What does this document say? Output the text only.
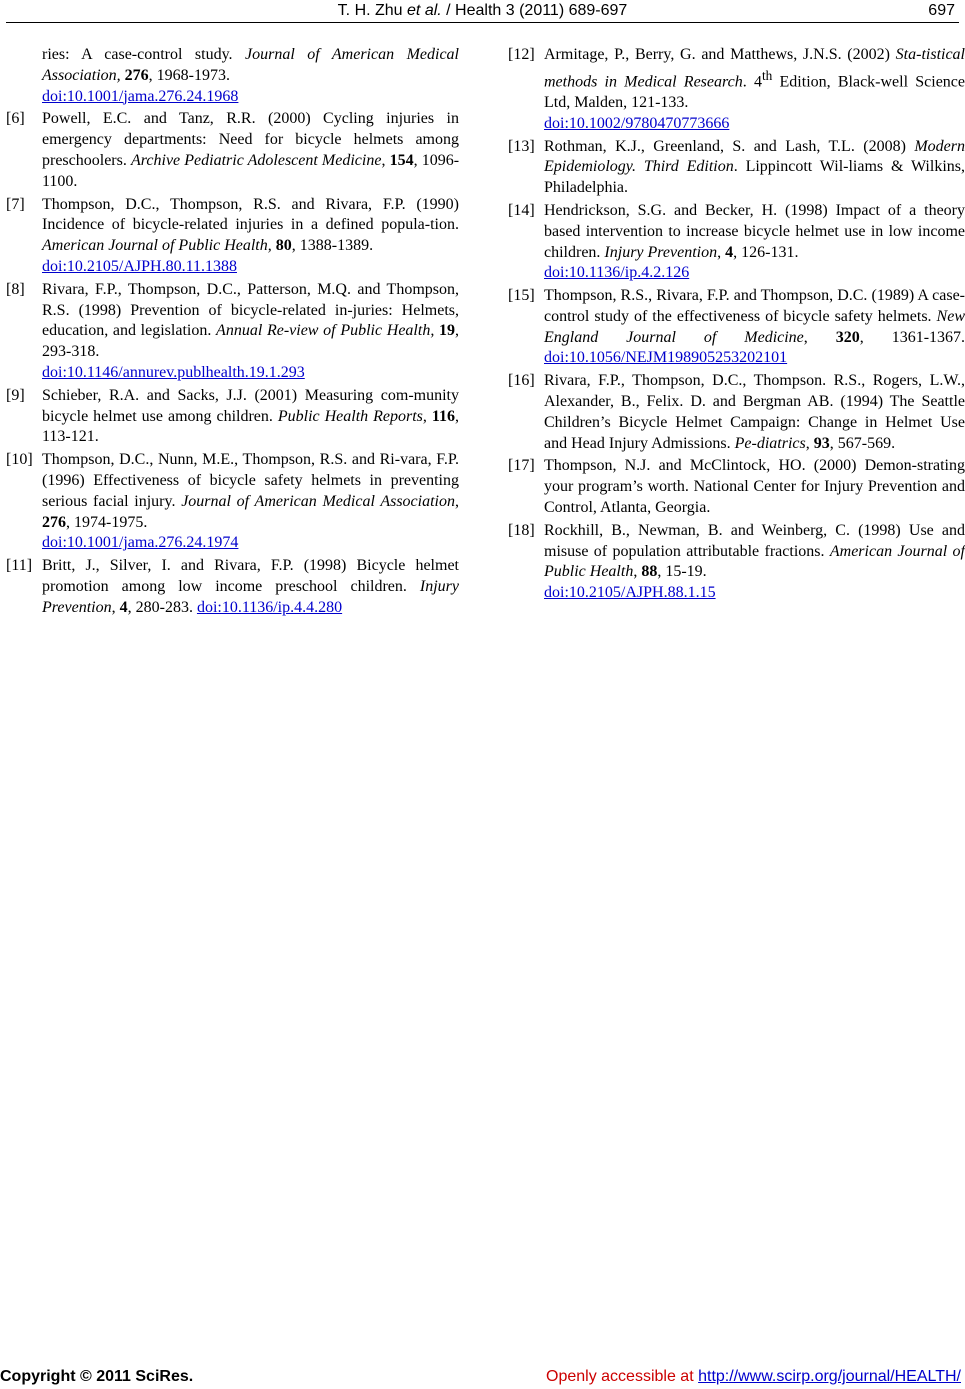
T. H. Zhu et al. / Health 3 (2011) 689-697	697
ries: A case-control study. Journal of American Medical Association, 276, 1968-1973.
doi:10.1001/jama.276.24.1968
[6] Powell, E.C. and Tanz, R.R. (2000) Cycling injuries in emergency departments: Need for bicycle helmets among preschoolers. Archive Pediatric Adolescent Medicine, 154, 1096-1100.
[7] Thompson, D.C., Thompson, R.S. and Rivara, F.P. (1990) Incidence of bicycle-related injuries in a defined popula-tion. American Journal of Public Health, 80, 1388-1389.
doi:10.2105/AJPH.80.11.1388
[8] Rivara, F.P., Thompson, D.C., Patterson, M.Q. and Thompson, R.S. (1998) Prevention of bicycle-related in-juries: Helmets, education, and legislation. Annual Re-view of Public Health, 19, 293-318.
doi:10.1146/annurev.publhealth.19.1.293
[9] Schieber, R.A. and Sacks, J.J. (2001) Measuring com-munity bicycle helmet use among children. Public Health Reports, 116, 113-121.
[10] Thompson, D.C., Nunn, M.E., Thompson, R.S. and Ri-vara, F.P. (1996) Effectiveness of bicycle safety helmets in preventing serious facial injury. Journal of American Medical Association, 276, 1974-1975.
doi:10.1001/jama.276.24.1974
[11] Britt, J., Silver, I. and Rivara, F.P. (1998) Bicycle helmet promotion among low income preschool children. Injury Prevention, 4, 280-283. doi:10.1136/ip.4.4.280
[12] Armitage, P., Berry, G. and Matthews, J.N.S. (2002) Sta-tistical methods in Medical Research. 4th Edition, Black-well Science Ltd, Malden, 121-133.
doi:10.1002/9780470773666
[13] Rothman, K.J., Greenland, S. and Lash, T.L. (2008) Modern Epidemiology. Third Edition. Lippincott Wil-liams & Wilkins, Philadelphia.
[14] Hendrickson, S.G. and Becker, H. (1998) Impact of a theory based intervention to increase bicycle helmet use in low income children. Injury Prevention, 4, 126-131.
doi:10.1136/ip.4.2.126
[15] Thompson, R.S., Rivara, F.P. and Thompson, D.C. (1989) A case-control study of the effectiveness of bicycle safety helmets. New England Journal of Medicine, 320, 1361-1367. doi:10.1056/NEJM198905253202101
[16] Rivara, F.P., Thompson, D.C., Thompson. R.S., Rogers, L.W., Alexander, B., Felix. D. and Bergman AB. (1994) The Seattle Children’s Bicycle Helmet Campaign: Change in Helmet Use and Head Injury Admissions. Pe-diatrics, 93, 567-569.
[17] Thompson, N.J. and McClintock, HO. (2000) Demon-strating your program’s worth. National Center for Injury Prevention and Control, Atlanta, Georgia.
[18] Rockhill, B., Newman, B. and Weinberg, C. (1998) Use and misuse of population attributable fractions. American Journal of Public Health, 88, 15-19.
doi:10.2105/AJPH.88.1.15
Copyright © 2011 SciRes.	Openly accessible at http://www.scirp.org/journal/HEALTH/
